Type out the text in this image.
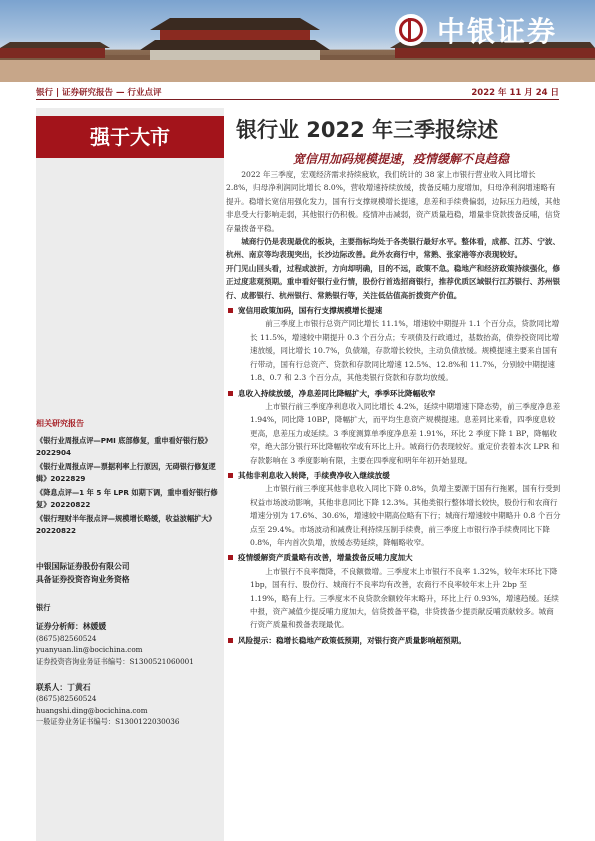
中银证券
银行 | 证券研究报告 — 行业点评	2022 年 11 月 24 日
强于大市	银行业 2022 年三季报综述
宽信用加码规模提速，疫情缓解不良趋稳

2022 年三季度，宏观经济需求持续疲软，我们统计的 38 家上市银行营业收入同比增长 2.8%，归母净利润同比增长 8.0%，营收增速持续放缓，拨备反哺力度增加，归母净利润增速略有提升。稳增长宽信用强化发力，国有行支撑规模增长提速，息差和手续费偏弱，边际压力趋缓，其他非息受大行影响走弱，其他银行仍积极。疫情冲击减弱，资产质量趋稳，增量非贷款拨备反哺，信贷存量拨备平稳。

城商行仍是表现最优的板块，主要指标均处于各类银行最好水平。整体看，成都、江苏、宁波、杭州、南京等均表现突出，长沙边际改善。此外农商行中，常熟、张家港等亦表现较好。

开门见山回头看，过程或波折，方向却明确，目的不远，政策不急。稳地产和经济政策持续强化，修正过度悲观预期。重申看好银行业行情，股份行首选招商银行，推荐优质区域银行江苏银行、苏州银行、成都银行、杭州银行、常熟银行等，关注低估值高折拨资产价值。

宽信用政策加码，国有行支撑规模增长提速

前三季度上市银行总资产同比增长 11.1%，增速较中期提升 1.1 个百分点，贷款同比增长 11.5%，增速较中期提升 0.3 个百分点；专项债及行政通过，基数抬高，债券投资同比增速放缓，同比增长 10.7%，负债端，存款增长较快，主动负债放缓。规模提速主要来自国有行带动，国有行总资产、贷款和存款同比增速 12.5%、12.8%和 11.7%，分别较中期提速 1.8、0.7 和 2.3 个百分点，其他类银行贷款和存款均放缓。

息收入持续放缓，净息差同比降幅扩大，季季环比降幅收窄

上市银行前三季度净利息收入同比增长 4.2%，延续中期增速下降态势，前三季度净息差 1.94%，同比降 10BP，降幅扩大，而平均生息资产规模提速。息差同比来看，四季度息较更高，息差压力或延续。3 季度测算单季度净息差 1.91%，环比 2 季度下降 1 BP，降幅收窄，绝大部分银行环比降幅收窄或有环比上升。城商行仍表现较好。重定价表着本次 LPR 和存款影响在 3 季度影响有限，主要在四季度和明年年初开始显现。

其他非利息收入转降，手续费净收入继续放缓

上市银行前三季度其他非息收入同比下降 0.8%，负增主要源于国有行拖累，国有行受到权益市场波动影响，其他非息同比下降 12.3%。其他类银行整体增长较快，股份行和农商行增速分别为 17.6%、30.6%，增速较中期高位略有下行；城商行增速较中期略升 0.8 个百分点至 29.4%。市场波动和减费让利持续压制手续费，前三季度上市银行净手续费同比下降 0.8%，年内首次负增，放缓态势延续，降幅略收窄。

疫情缓解资产质量略有改善，增量拨备反哺力度加大

上市银行不良率微降，不良额微增。三季度末上市银行不良率 1.32%，较年末环比下降 1bp，国有行、股份行、城商行不良率均有改善，农商行不良率较年末上升 2bp 至 1.19%，略有上行。三季度末不良贷款余额较年末略升，环比上行 0.93%，增速趋缓。延续中报，资产减值少提反哺力度加大，信贷拨备平稳，非贷拨备少提贡献反哺贡献较多。城商行资产质量和拨备表现最优。

风险提示：稳增长稳地产政策低预期，对银行资产质量影响超预期。
相关研究报告
《银行业周报点评—PMI 底部修复，重申看好银行股》2022904
《银行业周报点评—票据利率上行原因，无碍银行修复逻辑》2022829
《降息点评—1 年 5 年 LPR 如期下调，重申看好银行修复》20220822
《银行理财半年报点评—规模增长略缓，收益波幅扩大》20220822
中银国际证券股份有限公司
具备证券投资咨询业务资格
银行
证券分析师：林媛媛
(8675)82560524
yuanyuan.lin@bocichina.com
证券投资咨询业务证书编号：S1300521060001
联系人：丁黄石
(8675)82560524
huangshi.ding@bocichina.com
一般证券业务证书编号：S1300122030036
